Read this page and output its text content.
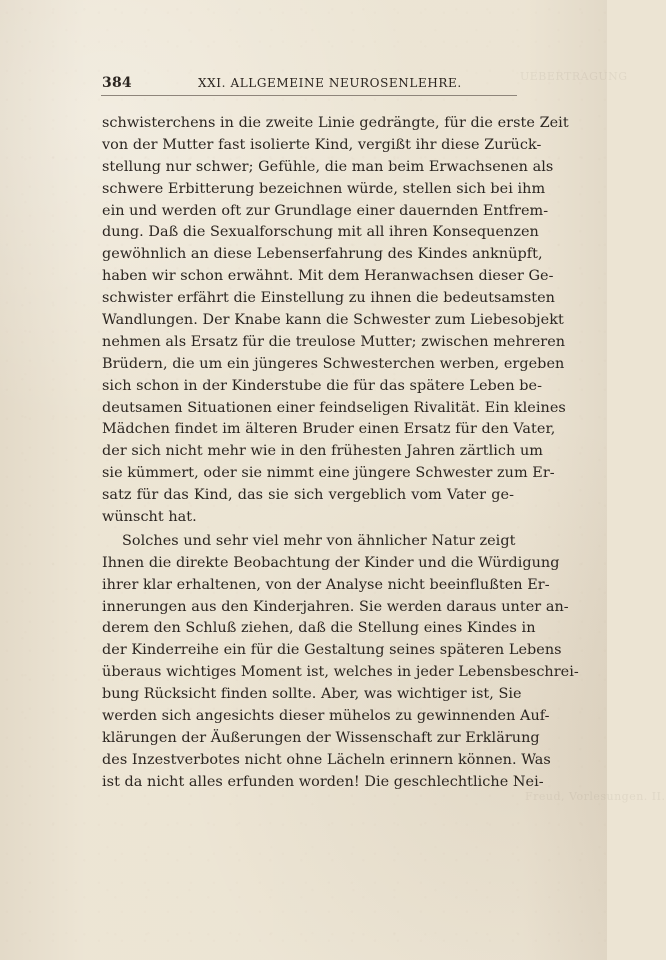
UEBERTRAGUNG
Freud, Vorlesungen. II.
384	XXI. ALLGEMEINE NEUROSENLEHRE.
schwisterchens in die zweite Linie gedrängte, für die erste Zeit
von der Mutter fast isolierte Kind, vergißt ihr diese Zurück-
stellung nur schwer; Gefühle, die man beim Erwachsenen als
schwere Erbitterung bezeichnen würde, stellen sich bei ihm
ein und werden oft zur Grundlage einer dauernden Entfrem-
dung. Daß die Sexualforschung mit all ihren Konsequenzen
gewöhnlich an diese Lebenserfahrung des Kindes anknüpft,
haben wir schon erwähnt. Mit dem Heranwachsen dieser Ge-
schwister erfährt die Einstellung zu ihnen die bedeutsamsten
Wandlungen. Der Knabe kann die Schwester zum Liebesobjekt
nehmen als Ersatz für die treulose Mutter; zwischen mehreren
Brüdern, die um ein jüngeres Schwesterchen werben, ergeben
sich schon in der Kinderstube die für das spätere Leben be-
deutsamen Situationen einer feindseligen Rivalität. Ein kleines
Mädchen findet im älteren Bruder einen Ersatz für den Vater,
der sich nicht mehr wie in den frühesten Jahren zärtlich um
sie kümmert, oder sie nimmt eine jüngere Schwester zum Er-
satz für das Kind, das sie sich vergeblich vom Vater ge-
wünscht hat.
Solches und sehr viel mehr von ähnlicher Natur zeigt
Ihnen die direkte Beobachtung der Kinder und die Würdigung
ihrer klar erhaltenen, von der Analyse nicht beeinflußten Er-
innerungen aus den Kinderjahren. Sie werden daraus unter an-
derem den Schluß ziehen, daß die Stellung eines Kindes in
der Kinderreihe ein für die Gestaltung seines späteren Lebens
überaus wichtiges Moment ist, welches in jeder Lebensbeschrei-
bung Rücksicht finden sollte. Aber, was wichtiger ist, Sie
werden sich angesichts dieser mühelos zu gewinnenden Auf-
klärungen der Äußerungen der Wissenschaft zur Erklärung
des Inzestverbotes nicht ohne Lächeln erinnern können. Was
ist da nicht alles erfunden worden! Die geschlechtliche Nei-
